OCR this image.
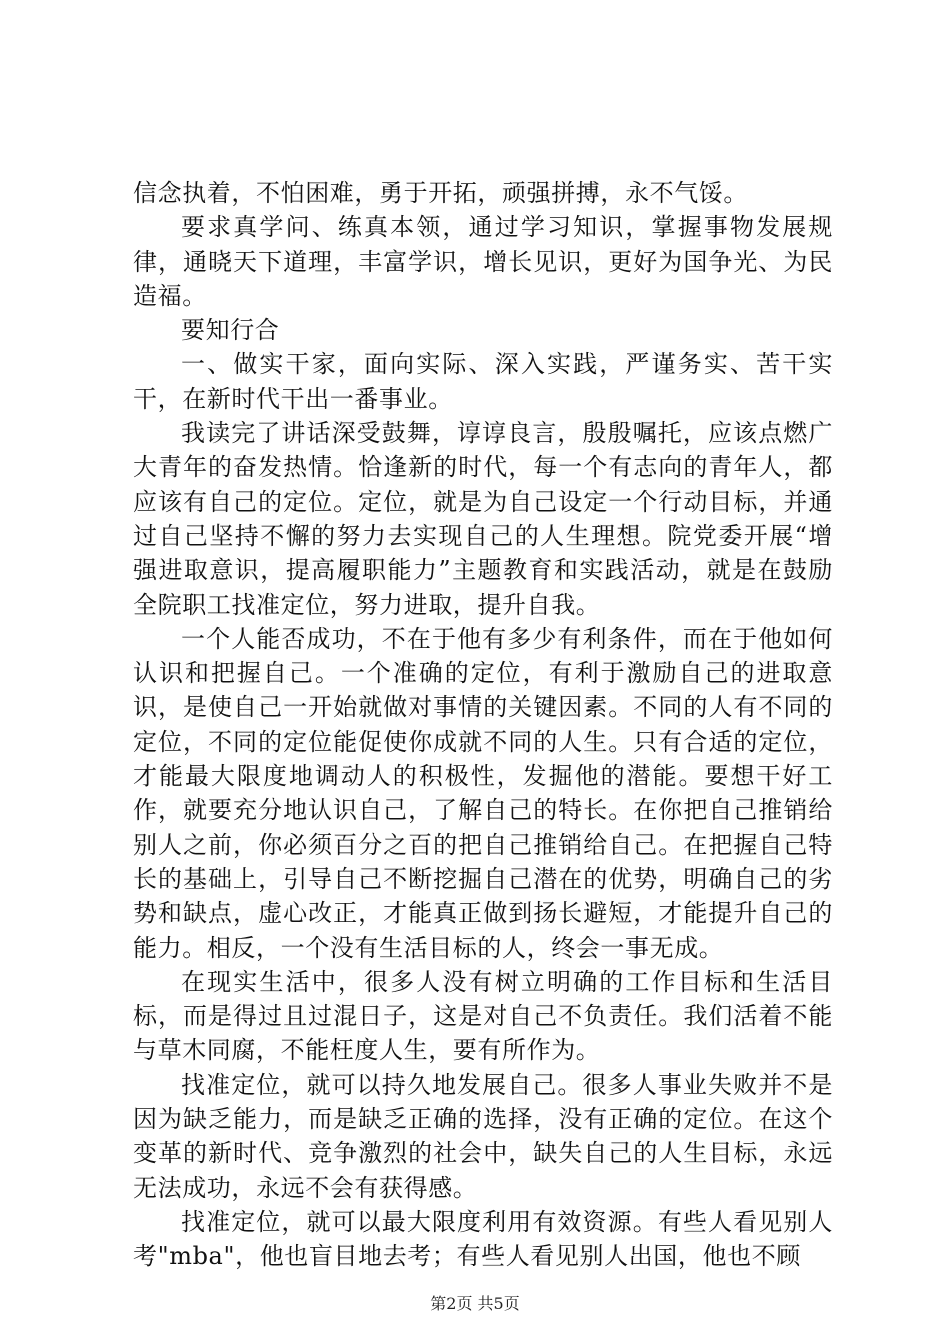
信念执着，不怕困难，勇于开拓，顽强拼搏，永不气馁。

要求真学问、练真本领，通过学习知识，掌握事物发展规律，通晓天下道理，丰富学识，增长见识，更好为国争光、为民造福。

要知行合

一、做实干家，面向实际、深入实践，严谨务实、苦干实干，在新时代干出一番事业。

我读完了讲话深受鼓舞，谆谆良言，殷殷嘱托，应该点燃广大青年的奋发热情。恰逢新的时代，每一个有志向的青年人，都应该有自己的定位。定位，就是为自己设定一个行动目标，并通过自己坚持不懈的努力去实现自己的人生理想。院党委开展“增强进取意识，提高履职能力”主题教育和实践活动，就是在鼓励全院职工找准定位，努力进取，提升自我。

一个人能否成功，不在于他有多少有利条件，而在于他如何认识和把握自己。一个准确的定位，有利于激励自己的进取意识，是使自己一开始就做对事情的关键因素。不同的人有不同的定位，不同的定位能促使你成就不同的人生。只有合适的定位，才能最大限度地调动人的积极性，发掘他的潜能。要想干好工作，就要充分地认识自己，了解自己的特长。在你把自己推销给别人之前，你必须百分之百的把自己推销给自己。在把握自己特长的基础上，引导自己不断挖掘自己潜在的优势，明确自己的劣势和缺点，虚心改正，才能真正做到扬长避短，才能提升自己的能力。相反，一个没有生活目标的人，终会一事无成。

在现实生活中，很多人没有树立明确的工作目标和生活目标，而是得过且过混日子，这是对自己不负责任。我们活着不能与草木同腐，不能枉度人生，要有所作为。

找准定位，就可以持久地发展自己。很多人事业失败并不是因为缺乏能力，而是缺乏正确的选择，没有正确的定位。在这个变革的新时代、竞争激烈的社会中，缺失自己的人生目标，永远无法成功，永远不会有获得感。

找准定位，就可以最大限度利用有效资源。有些人看见别人考"mba"，他也盲目地去考；有些人看见别人出国，他也不顾

第2页 共5页
